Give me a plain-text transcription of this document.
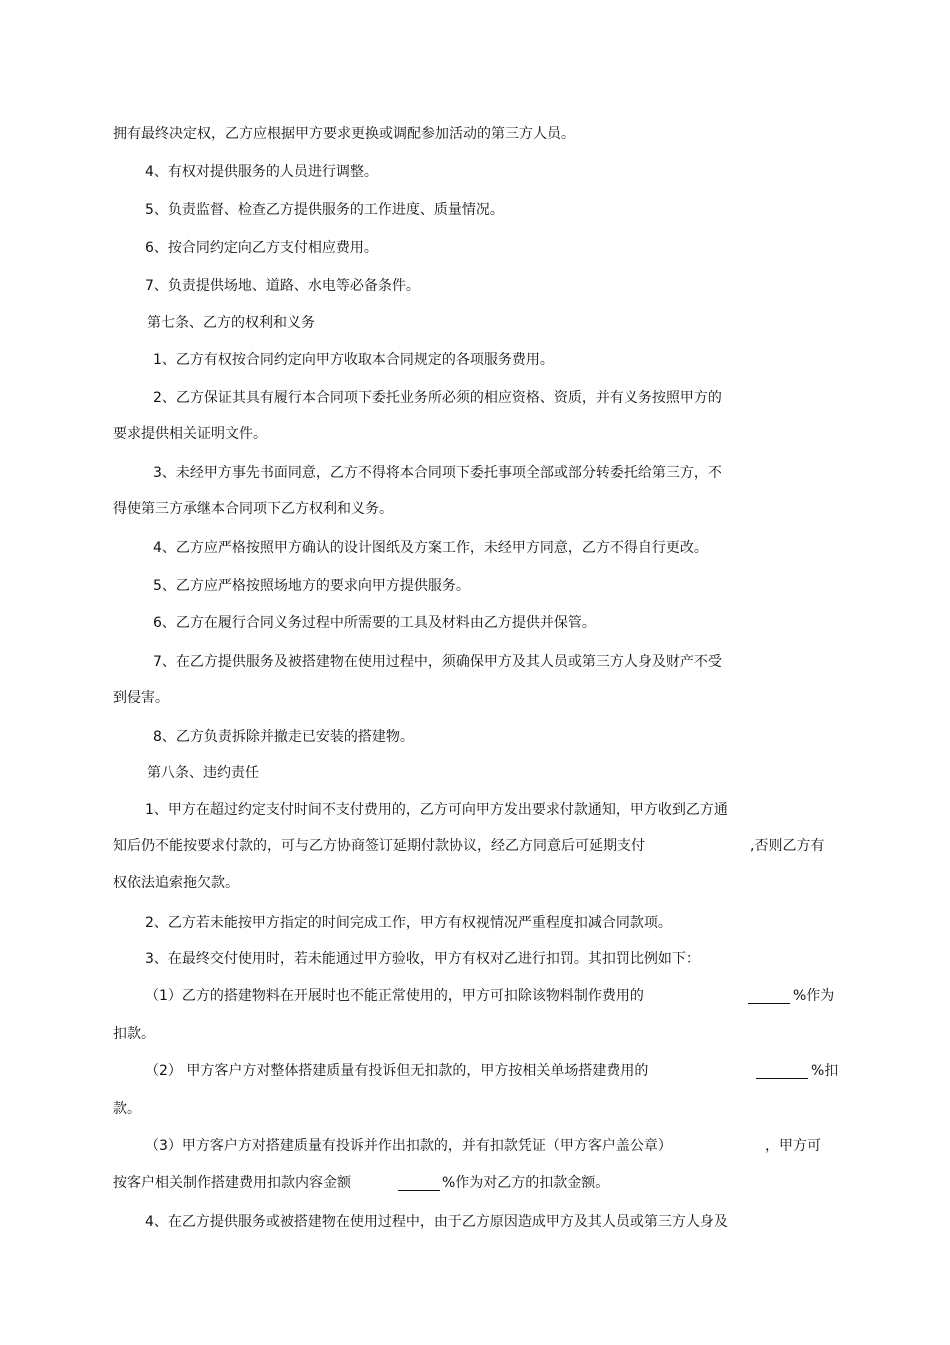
拥有最终决定权，乙方应根据甲方要求更换或调配参加活动的第三方人员。

4、有权对提供服务的人员进行调整。

5、负责监督、检查乙方提供服务的工作进度、质量情况。

6、按合同约定向乙方支付相应费用。

7、负责提供场地、道路、水电等必备条件。

第七条、乙方的权利和义务

1、乙方有权按合同约定向甲方收取本合同规定的各项服务费用。

2、乙方保证其具有履行本合同项下委托业务所必须的相应资格、资质，并有义务按照甲方的

要求提供相关证明文件。

3、未经甲方事先书面同意，乙方不得将本合同项下委托事项全部或部分转委托给第三方，不

得使第三方承继本合同项下乙方权利和义务。

4、乙方应严格按照甲方确认的设计图纸及方案工作，未经甲方同意，乙方不得自行更改。

5、乙方应严格按照场地方的要求向甲方提供服务。

6、乙方在履行合同义务过程中所需要的工具及材料由乙方提供并保管。

7、在乙方提供服务及被搭建物在使用过程中，须确保甲方及其人员或第三方人身及财产不受

到侵害。

8、乙方负责拆除并撤走已安装的搭建物。

第八条、违约责任

1、甲方在超过约定支付时间不支付费用的，乙方可向甲方发出要求付款通知，甲方收到乙方通

知后仍不能按要求付款的，可与乙方协商签订延期付款协议，经乙方同意后可延期支付	,否则乙方有

权依法追索拖欠款。

2、乙方若未能按甲方指定的时间完成工作，甲方有权视情况严重程度扣减合同款项。

3、在最终交付使用时，若未能通过甲方验收，甲方有权对乙进行扣罚。其扣罚比例如下：

（1）乙方的搭建物料在开展时也不能正常使用的，甲方可扣除该物料制作费用的	%作为

扣款。

（2） 甲方客户方对整体搭建质量有投诉但无扣款的，甲方按相关单场搭建费用的	%扣

款。

（3）甲方客户方对搭建质量有投诉并作出扣款的，并有扣款凭证（甲方客户盖公章）	，甲方可

按客户相关制作搭建费用扣款内容金额	%作为对乙方的扣款金额。

4、在乙方提供服务或被搭建物在使用过程中，由于乙方原因造成甲方及其人员或第三方人身及
